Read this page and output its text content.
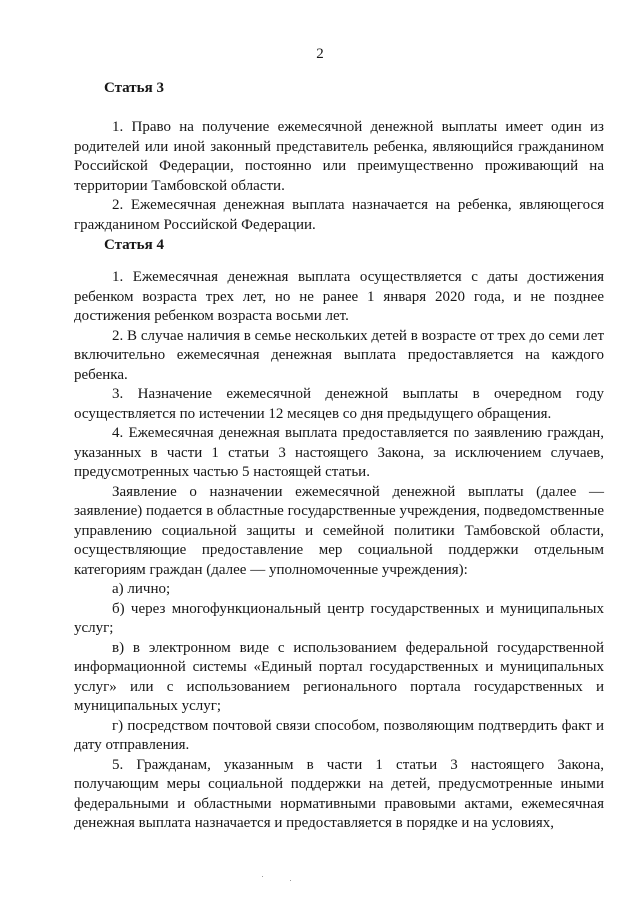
2
Статья 3

1. Право на получение ежемесячной денежной выплаты имеет один из родителей или иной законный представитель ребенка, являющийся гражданином Российской Федерации, постоянно или преимущественно проживающий на территории Тамбовской области.

2. Ежемесячная денежная выплата назначается на ребенка, являющегося гражданином Российской Федерации.

Статья 4

1. Ежемесячная денежная выплата осуществляется с даты достижения ребенком возраста трех лет, но не ранее 1 января 2020 года, и не позднее достижения ребенком возраста восьми лет.

2. В случае наличия в семье нескольких детей в возрасте от трех до семи лет включительно ежемесячная денежная выплата предоставляется на каждого ребенка.

3. Назначение ежемесячной денежной выплаты в очередном году осуществляется по истечении 12 месяцев со дня предыдущего обращения.

4. Ежемесячная денежная выплата предоставляется по заявлению граждан, указанных в части 1 статьи 3 настоящего Закона, за исключением случаев, предусмотренных частью 5 настоящей статьи.

Заявление о назначении ежемесячной денежной выплаты (далее — заявление) подается в областные государственные учреждения, подведомственные управлению социальной защиты и семейной политики Тамбовской области, осуществляющие предоставление мер социальной поддержки отдельным категориям граждан (далее — уполномоченные учреждения):

а) лично;

б) через многофункциональный центр государственных и муниципальных услуг;

в) в электронном виде с использованием федеральной государственной информационной системы «Единый портал государственных и муниципальных услуг» или с использованием регионального портала государственных и муниципальных услуг;

г) посредством почтовой связи способом, позволяющим подтвердить факт и дату отправления.

5. Гражданам, указанным в части 1 статьи 3 настоящего Закона, получающим меры социальной поддержки на детей, предусмотренные иными федеральными и областными нормативными правовыми актами, ежемесячная денежная выплата назначается и предоставляется в порядке и на условиях,
